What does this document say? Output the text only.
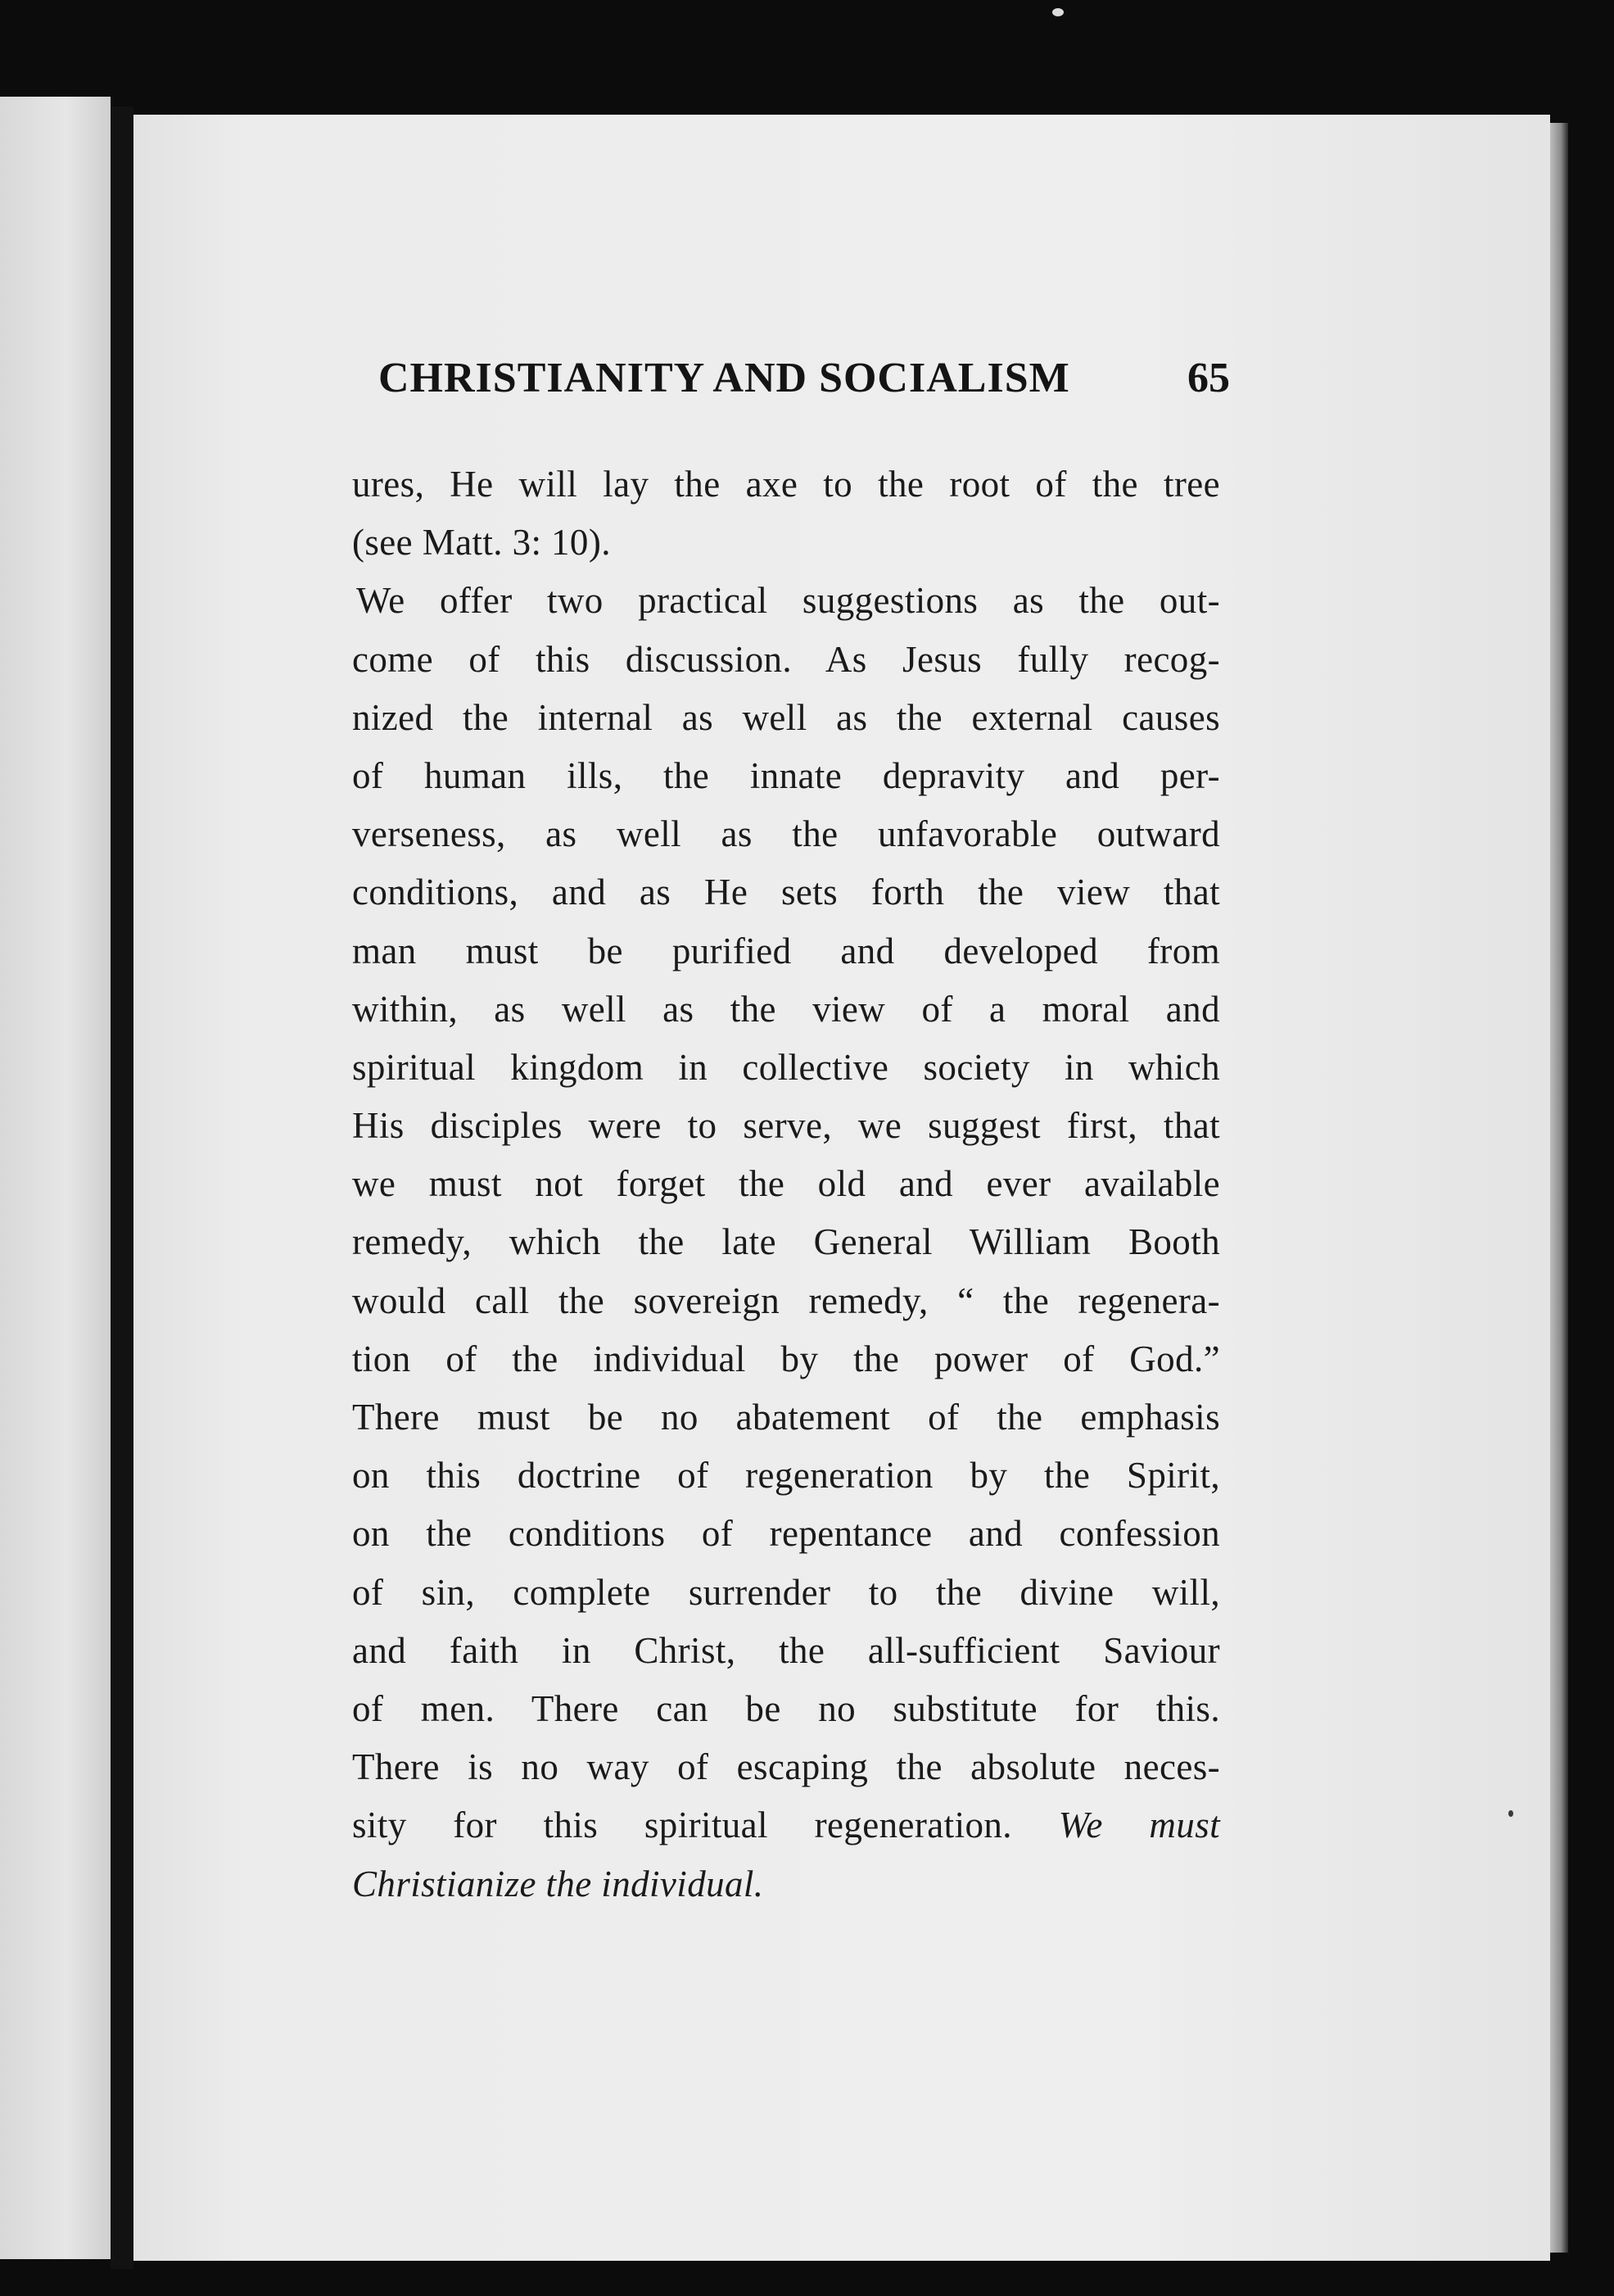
CHRISTIANITY AND SOCIALISM	65
ures, He will lay the axe to the root of the tree
(see Matt. 3: 10).
We offer two practical suggestions as the out-
come of this discussion. As Jesus fully recog-
nized the internal as well as the external causes
of human ills, the innate depravity and per-
verseness, as well as the unfavorable outward
conditions, and as He sets forth the view that
man must be purified and developed from
within, as well as the view of a moral and
spiritual kingdom in collective society in which
His disciples were to serve, we suggest first, that
we must not forget the old and ever available
remedy, which the late General William Booth
would call the sovereign remedy, “ the regenera-
tion of the individual by the power of God.”
There must be no abatement of the emphasis
on this doctrine of regeneration by the Spirit,
on the conditions of repentance and confession
of sin, complete surrender to the divine will,
and faith in Christ, the all-sufficient Saviour
of men. There can be no substitute for this.
There is no way of escaping the absolute neces-
sity for this spiritual regeneration. We must
Christianize the individual.
